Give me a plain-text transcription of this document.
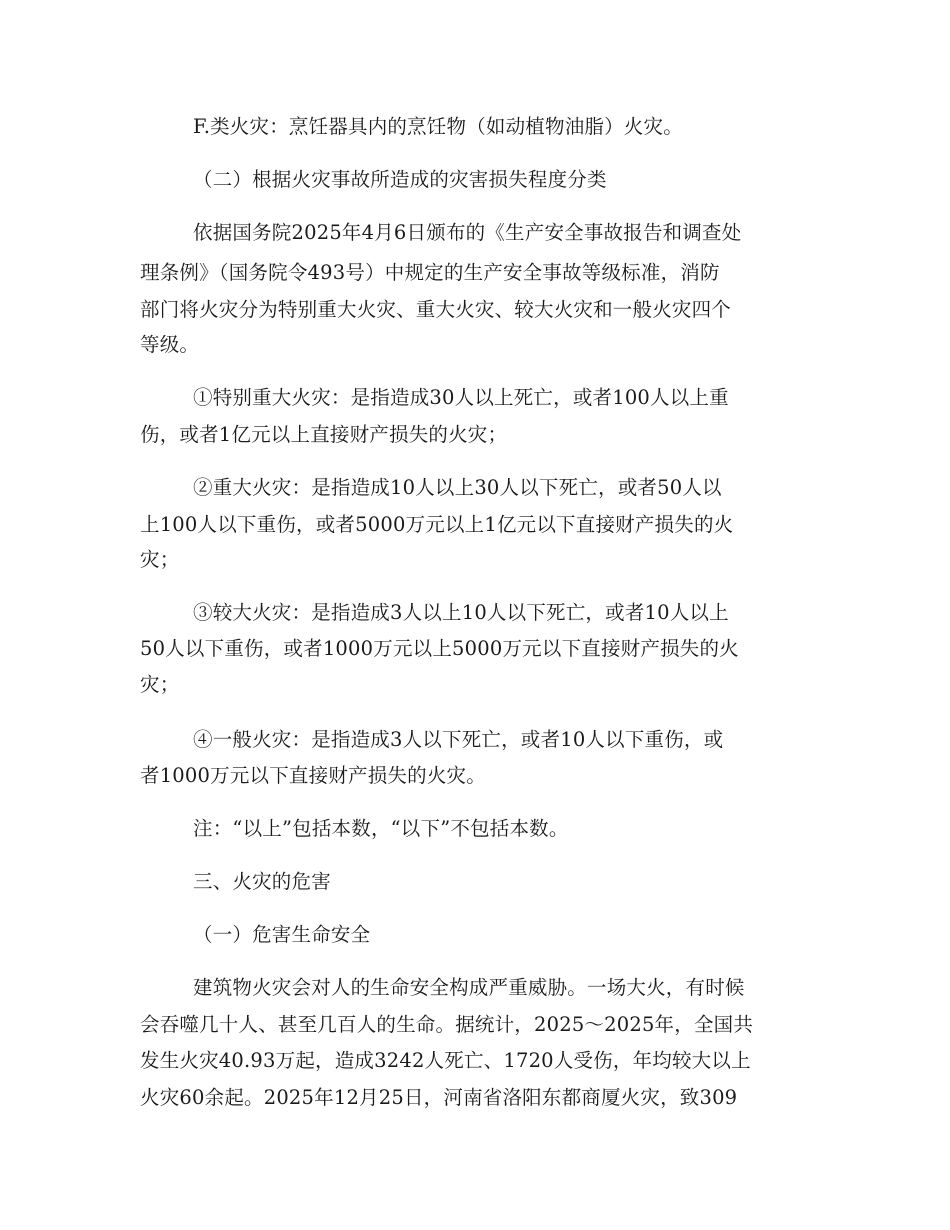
F.类火灾：烹饪器具内的烹饪物（如动植物油脂）火灾。
（二）根据火灾事故所造成的灾害损失程度分类
依据国务院2025年4月6日颁布的《生产安全事故报告和调查处
理条例》（国务院令493号）中规定的生产安全事故等级标准，消防
部门将火灾分为特别重大火灾、重大火灾、较大火灾和一般火灾四个
等级。
①特别重大火灾：是指造成30人以上死亡，或者100人以上重
伤，或者1亿元以上直接财产损失的火灾；
②重大火灾：是指造成10人以上30人以下死亡，或者50人以
上100人以下重伤，或者5000万元以上1亿元以下直接财产损失的火
灾；
③较大火灾：是指造成3人以上10人以下死亡，或者10人以上
50人以下重伤，或者1000万元以上5000万元以下直接财产损失的火
灾；
④一般火灾：是指造成3人以下死亡，或者10人以下重伤，或
者1000万元以下直接财产损失的火灾。
注：“以上”包括本数，“以下”不包括本数。
三、火灾的危害
（一）危害生命安全
建筑物火灾会对人的生命安全构成严重威胁。一场大火，有时候
会吞噬几十人、甚至几百人的生命。据统计，2025～2025年，全国共
发生火灾40.93万起，造成3242人死亡、1720人受伤，年均较大以上
火灾60余起。2025年12月25日，河南省洛阳东都商厦火灾，致309
